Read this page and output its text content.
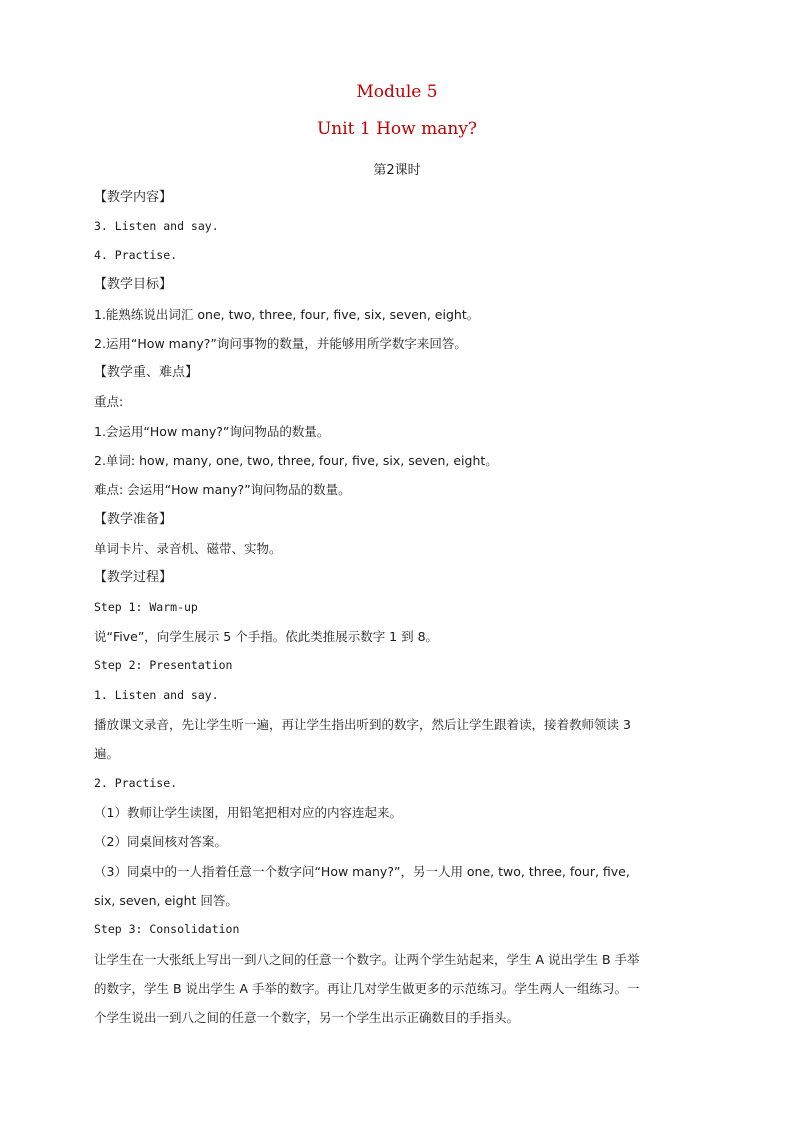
Module 5
Unit 1 How many?
第2课时
【教学内容】
3. Listen and say.
4. Practise.
【教学目标】
1.能熟练说出词汇 one, two, three, four, five, six, seven, eight。
2.运用“How many?”询问事物的数量，并能够用所学数字来回答。
【教学重、难点】
重点:
1.会运用“How many?”询问物品的数量。
2.单词: how, many, one, two, three, four, five, six, seven, eight。
难点: 会运用“How many?”询问物品的数量。
【教学准备】
单词卡片、录音机、磁带、实物。
【教学过程】
Step 1: Warm-up
说“Five”，向学生展示 5 个手指。依此类推展示数字 1 到 8。
Step 2: Presentation
1. Listen and say.
播放课文录音，先让学生听一遍，再让学生指出听到的数字，然后让学生跟着读，接着教师领读 3
遍。
2. Practise.
（1）教师让学生读图，用铅笔把相对应的内容连起来。
（2）同桌间核对答案。
（3）同桌中的一人指着任意一个数字问“How many?”，另一人用 one, two, three, four, five,
six, seven, eight 回答。
Step 3: Consolidation
让学生在一大张纸上写出一到八之间的任意一个数字。让两个学生站起来，学生 A 说出学生 B 手举
的数字，学生 B 说出学生 A 手举的数字。再让几对学生做更多的示范练习。学生两人一组练习。一
个学生说出一到八之间的任意一个数字，另一个学生出示正确数目的手指头。
